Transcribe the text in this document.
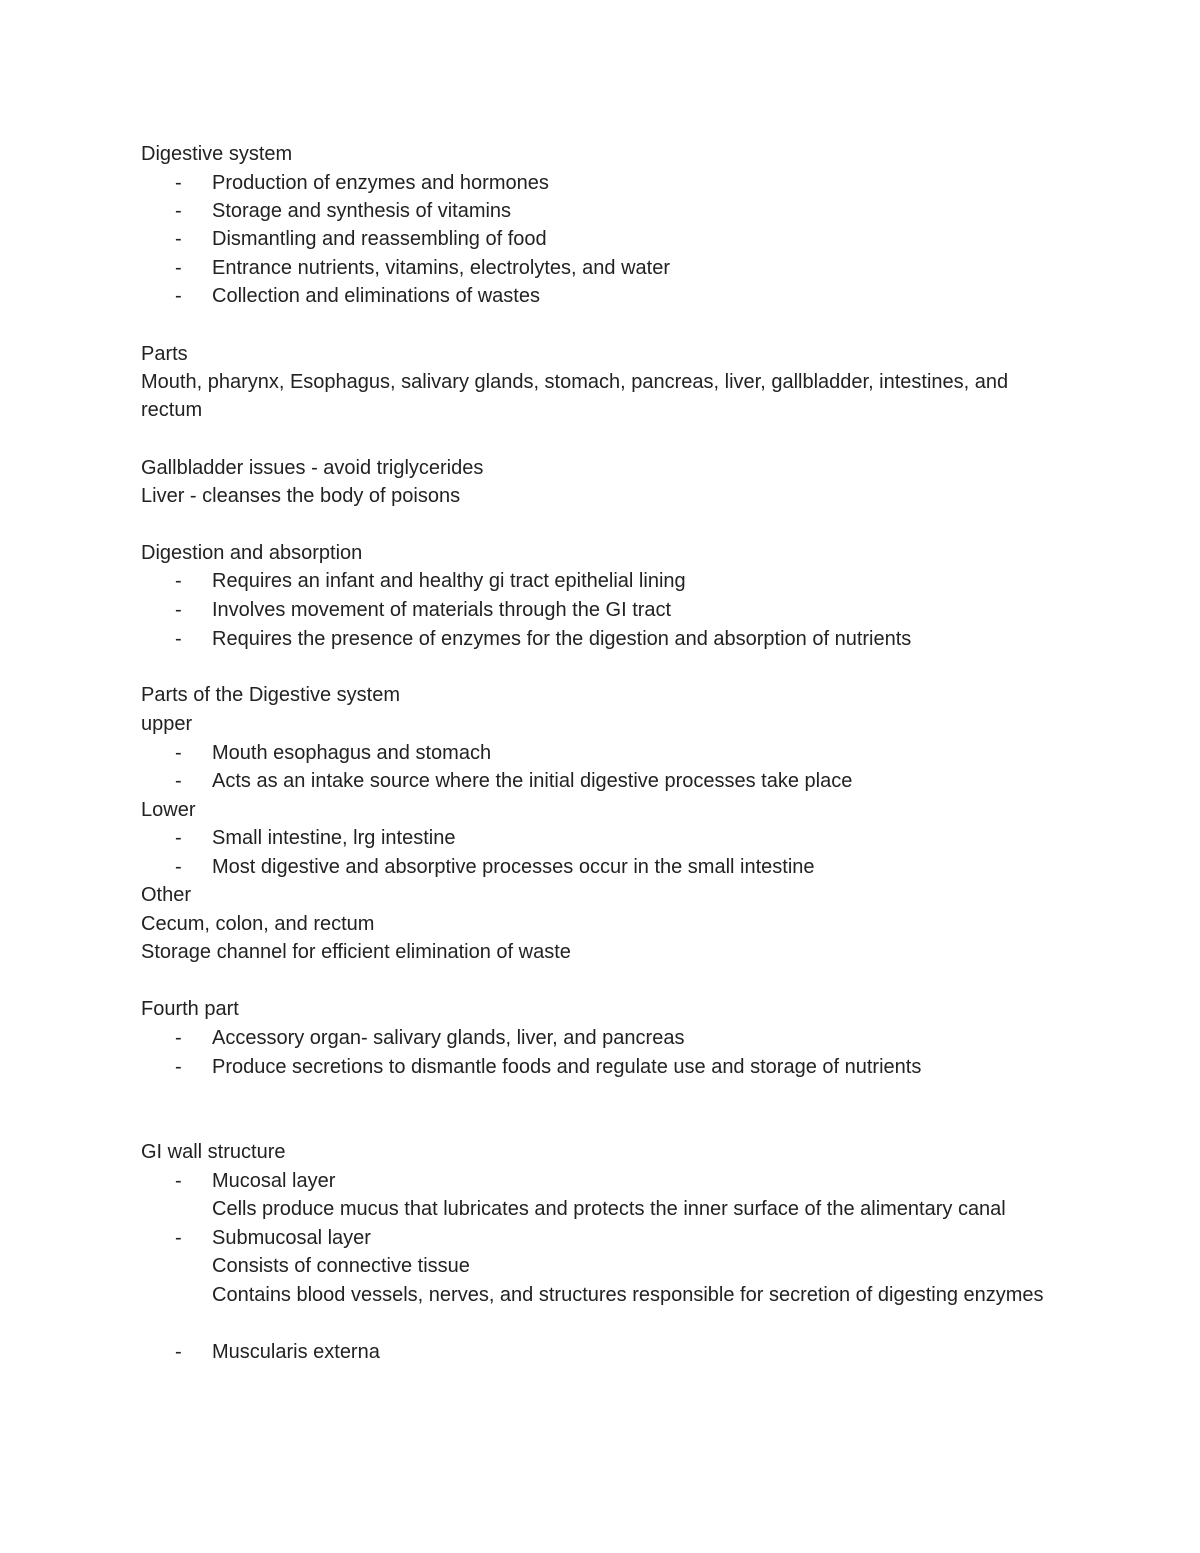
Digestive system
-	Production of enzymes and hormones
-	Storage and synthesis of vitamins
-	Dismantling and reassembling of food
-	Entrance nutrients, vitamins, electrolytes, and water
-	Collection and eliminations of wastes
Parts
Mouth, pharynx, Esophagus, salivary glands, stomach, pancreas, liver, gallbladder, intestines, and
rectum
Gallbladder issues - avoid triglycerides
Liver - cleanses the body of poisons
Digestion and absorption
-	Requires an infant and healthy gi tract epithelial lining
-	Involves movement of materials through the GI tract
-	Requires the presence of enzymes for the digestion and absorption of nutrients
Parts of the Digestive system
upper
-	Mouth esophagus and stomach
-	Acts as an intake source where the initial digestive processes take place
Lower
-	Small intestine, lrg intestine
-	Most digestive and absorptive processes occur in the small intestine
Other
Cecum, colon, and rectum
Storage channel for efficient elimination of waste
Fourth part
-	Accessory organ- salivary glands, liver, and pancreas
-	Produce secretions to dismantle foods and regulate use and storage of nutrients
GI wall structure
-	Mucosal layer
Cells produce mucus that lubricates and protects the inner surface of the alimentary canal
-	Submucosal layer
Consists of connective tissue
Contains blood vessels, nerves, and structures responsible for secretion of digesting enzymes
-	Muscularis externa
